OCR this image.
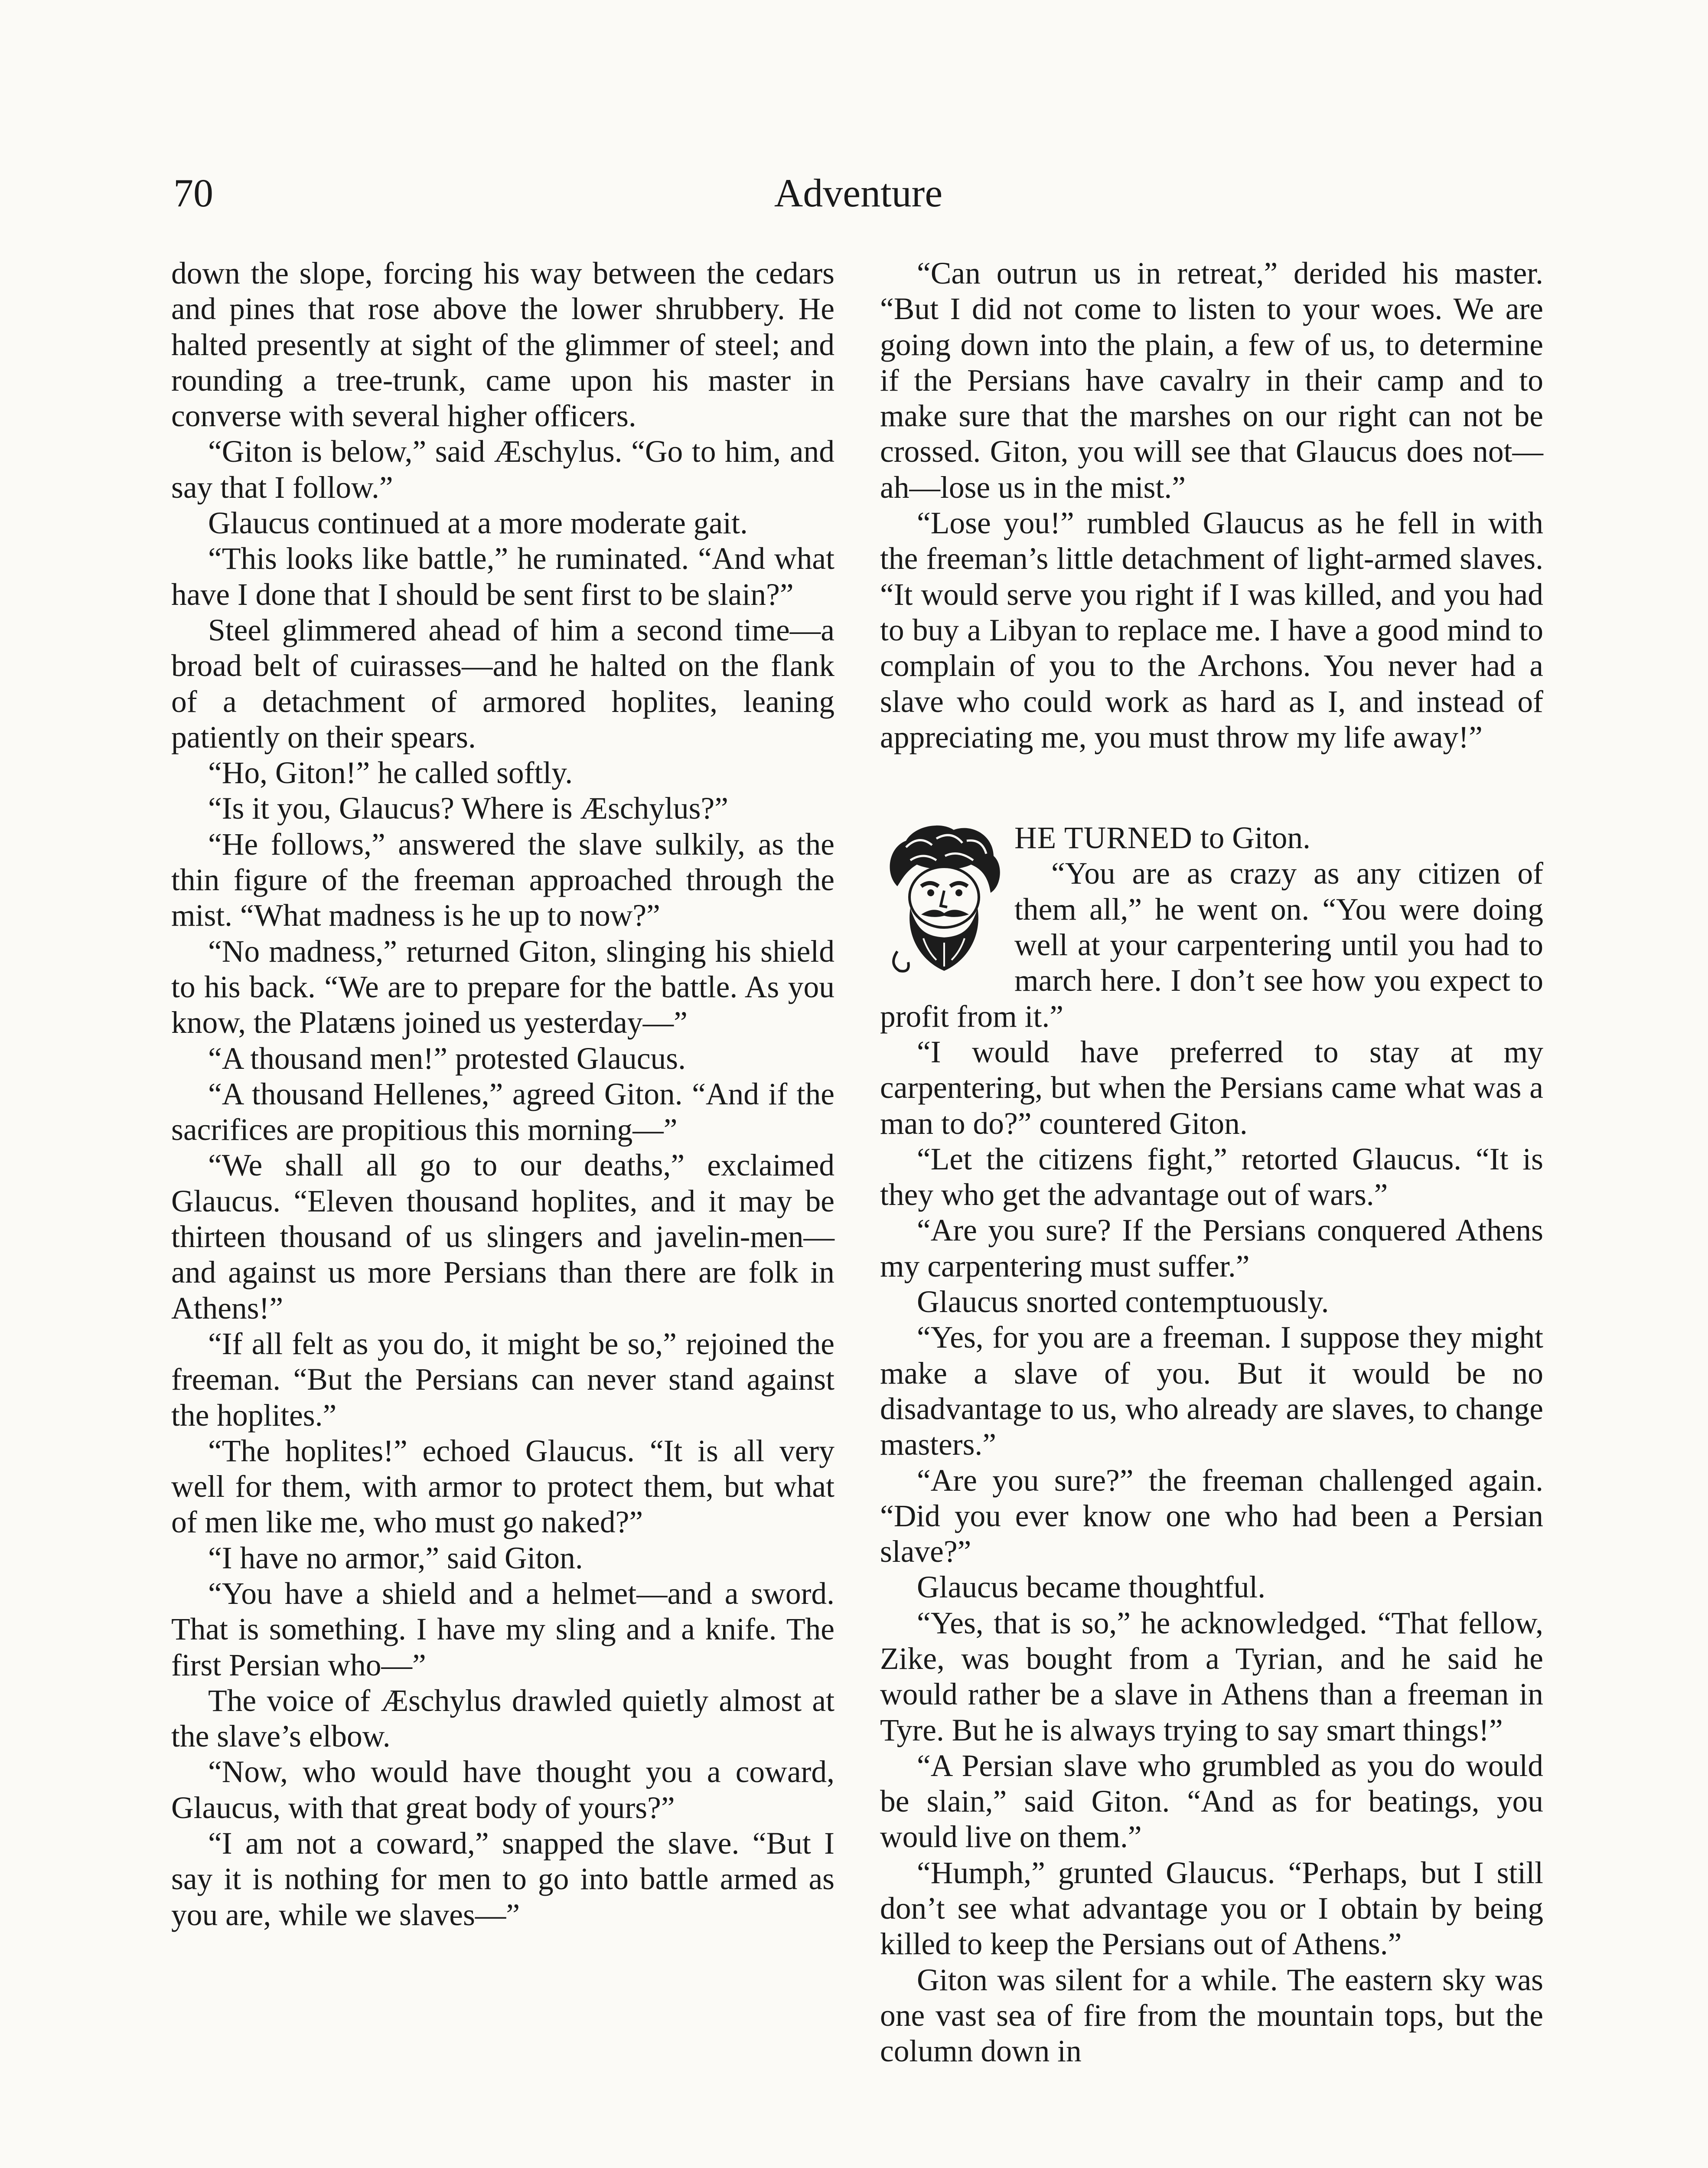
70	Adventure

down the slope, forcing his way between the cedars and pines that rose above the lower shrubbery. He halted presently at sight of the glimmer of steel; and rounding a tree-trunk, came upon his master in converse with several higher officers.

“Giton is below,” said Æschylus. “Go to him, and say that I follow.”

Glaucus continued at a more moderate gait.

“This looks like battle,” he ruminated. “And what have I done that I should be sent first to be slain?”

Steel glimmered ahead of him a second time—a broad belt of cuirasses—and he halted on the flank of a detachment of armored hoplites, leaning patiently on their spears.

“Ho, Giton!” he called softly.

“Is it you, Glaucus? Where is Æschylus?”

“He follows,” answered the slave sulkily, as the thin figure of the freeman approached through the mist. “What madness is he up to now?”

“No madness,” returned Giton, slinging his shield to his back. “We are to prepare for the battle. As you know, the Platæns joined us yesterday—”

“A thousand men!” protested Glaucus.

“A thousand Hellenes,” agreed Giton. “And if the sacrifices are propitious this morning—”

“We shall all go to our deaths,” exclaimed Glaucus. “Eleven thousand hoplites, and it may be thirteen thousand of us slingers and javelin-men—and against us more Persians than there are folk in Athens!”

“If all felt as you do, it might be so,” rejoined the freeman. “But the Persians can never stand against the hoplites.”

“The hoplites!” echoed Glaucus. “It is all very well for them, with armor to protect them, but what of men like me, who must go naked?”

“I have no armor,” said Giton.

“You have a shield and a helmet—and a sword. That is something. I have my sling and a knife. The first Persian who—”

The voice of Æschylus drawled quietly almost at the slave’s elbow.

“Now, who would have thought you a coward, Glaucus, with that great body of yours?”

“I am not a coward,” snapped the slave. “But I say it is nothing for men to go into battle armed as you are, while we slaves—”

“Can outrun us in retreat,” derided his master. “But I did not come to listen to your woes. We are going down into the plain, a few of us, to determine if the Persians have cavalry in their camp and to make sure that the marshes on our right can not be crossed. Giton, you will see that Glaucus does not—ah—lose us in the mist.”

“Lose you!” rumbled Glaucus as he fell in with the freeman’s little detachment of light-armed slaves. “It would serve you right if I was killed, and you had to buy a Libyan to replace me. I have a good mind to complain of you to the Archons. You never had a slave who could work as hard as I, and instead of appreciating me, you must throw my life away!”

HE TURNED to Giton.

“You are as crazy as any citizen of them all,” he went on. “You were doing well at your carpentering until you had to march here. I don’t see how you expect to profit from it.”

“I would have preferred to stay at my carpentering, but when the Persians came what was a man to do?” countered Giton.

“Let the citizens fight,” retorted Glaucus. “It is they who get the advantage out of wars.”

“Are you sure? If the Persians conquered Athens my carpentering must suffer.”

Glaucus snorted contemptuously.

“Yes, for you are a freeman. I suppose they might make a slave of you. But it would be no disadvantage to us, who already are slaves, to change masters.”

“Are you sure?” the freeman challenged again. “Did you ever know one who had been a Persian slave?”

Glaucus became thoughtful.

“Yes, that is so,” he acknowledged. “That fellow, Zike, was bought from a Tyrian, and he said he would rather be a slave in Athens than a freeman in Tyre. But he is always trying to say smart things!”

“A Persian slave who grumbled as you do would be slain,” said Giton. “And as for beatings, you would live on them.”

“Humph,” grunted Glaucus. “Perhaps, but I still don’t see what advantage you or I obtain by being killed to keep the Persians out of Athens.”

Giton was silent for a while. The eastern sky was one vast sea of fire from the mountain tops, but the column down in
